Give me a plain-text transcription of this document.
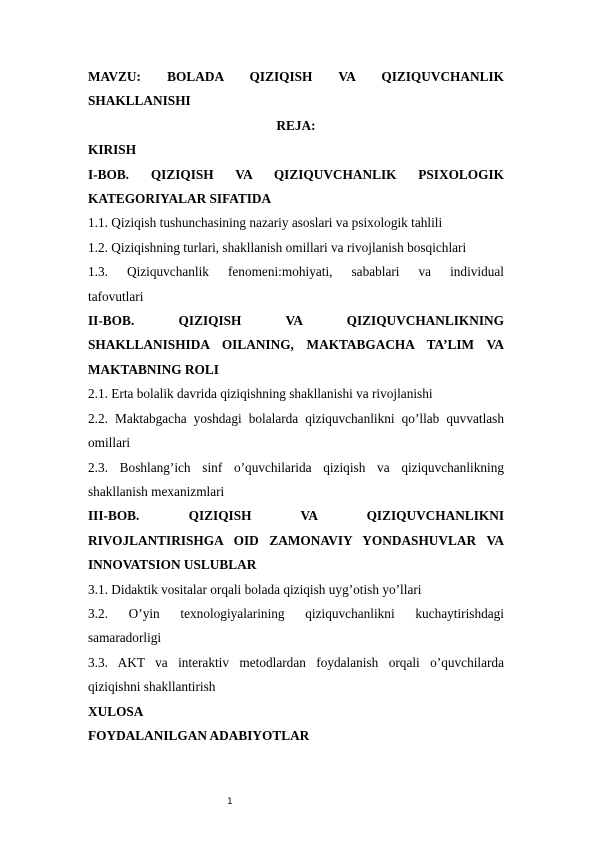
MAVZU: BOLADA QIZIQISH VA QIZIQUVCHANLIK

SHAKLLANISHI

REJA:

KIRISH

I-BOB. QIZIQISH VA QIZIQUVCHANLIK PSIXOLOGIK

KATEGORIYALAR SIFATIDA

1.1. Qiziqish tushunchasining nazariy asoslari va psixologik tahlili

1.2. Qiziqishning turlari, shakllanish omillari va rivojlanish bosqichlari

1.3. Qiziquvchanlik fenomeni:mohiyati, sabablari va individual

tafovutlari

II-BOB. QIZIQISH VA QIZIQUVCHANLIKNING

SHAKLLANISHIDA OILANING, MAKTABGACHA TA’LIM VA

MAKTABNING ROLI

2.1. Erta bolalik davrida qiziqishning shakllanishi va rivojlanishi

2.2. Maktabgacha yoshdagi bolalarda qiziquvchanlikni qo’llab quvvatlash

omillari

2.3. Boshlang’ich sinf o’quvchilarida qiziqish va qiziquvchanlikning

shakllanish mexanizmlari

III-BOB. QIZIQISH VA QIZIQUVCHANLIKNI

RIVOJLANTIRISHGA OID ZAMONAVIY YONDASHUVLAR VA

INNOVATSION USLUBLAR

3.1. Didaktik vositalar orqali bolada qiziqish uyg’otish yo’llari

3.2. O’yin texnologiyalarining qiziquvchanlikni kuchaytirishdagi

samaradorligi

3.3. AKT va interaktiv metodlardan foydalanish orqali o’quvchilarda

qiziqishni shakllantirish

XULOSA

FOYDALANILGAN ADABIYOTLAR

1
